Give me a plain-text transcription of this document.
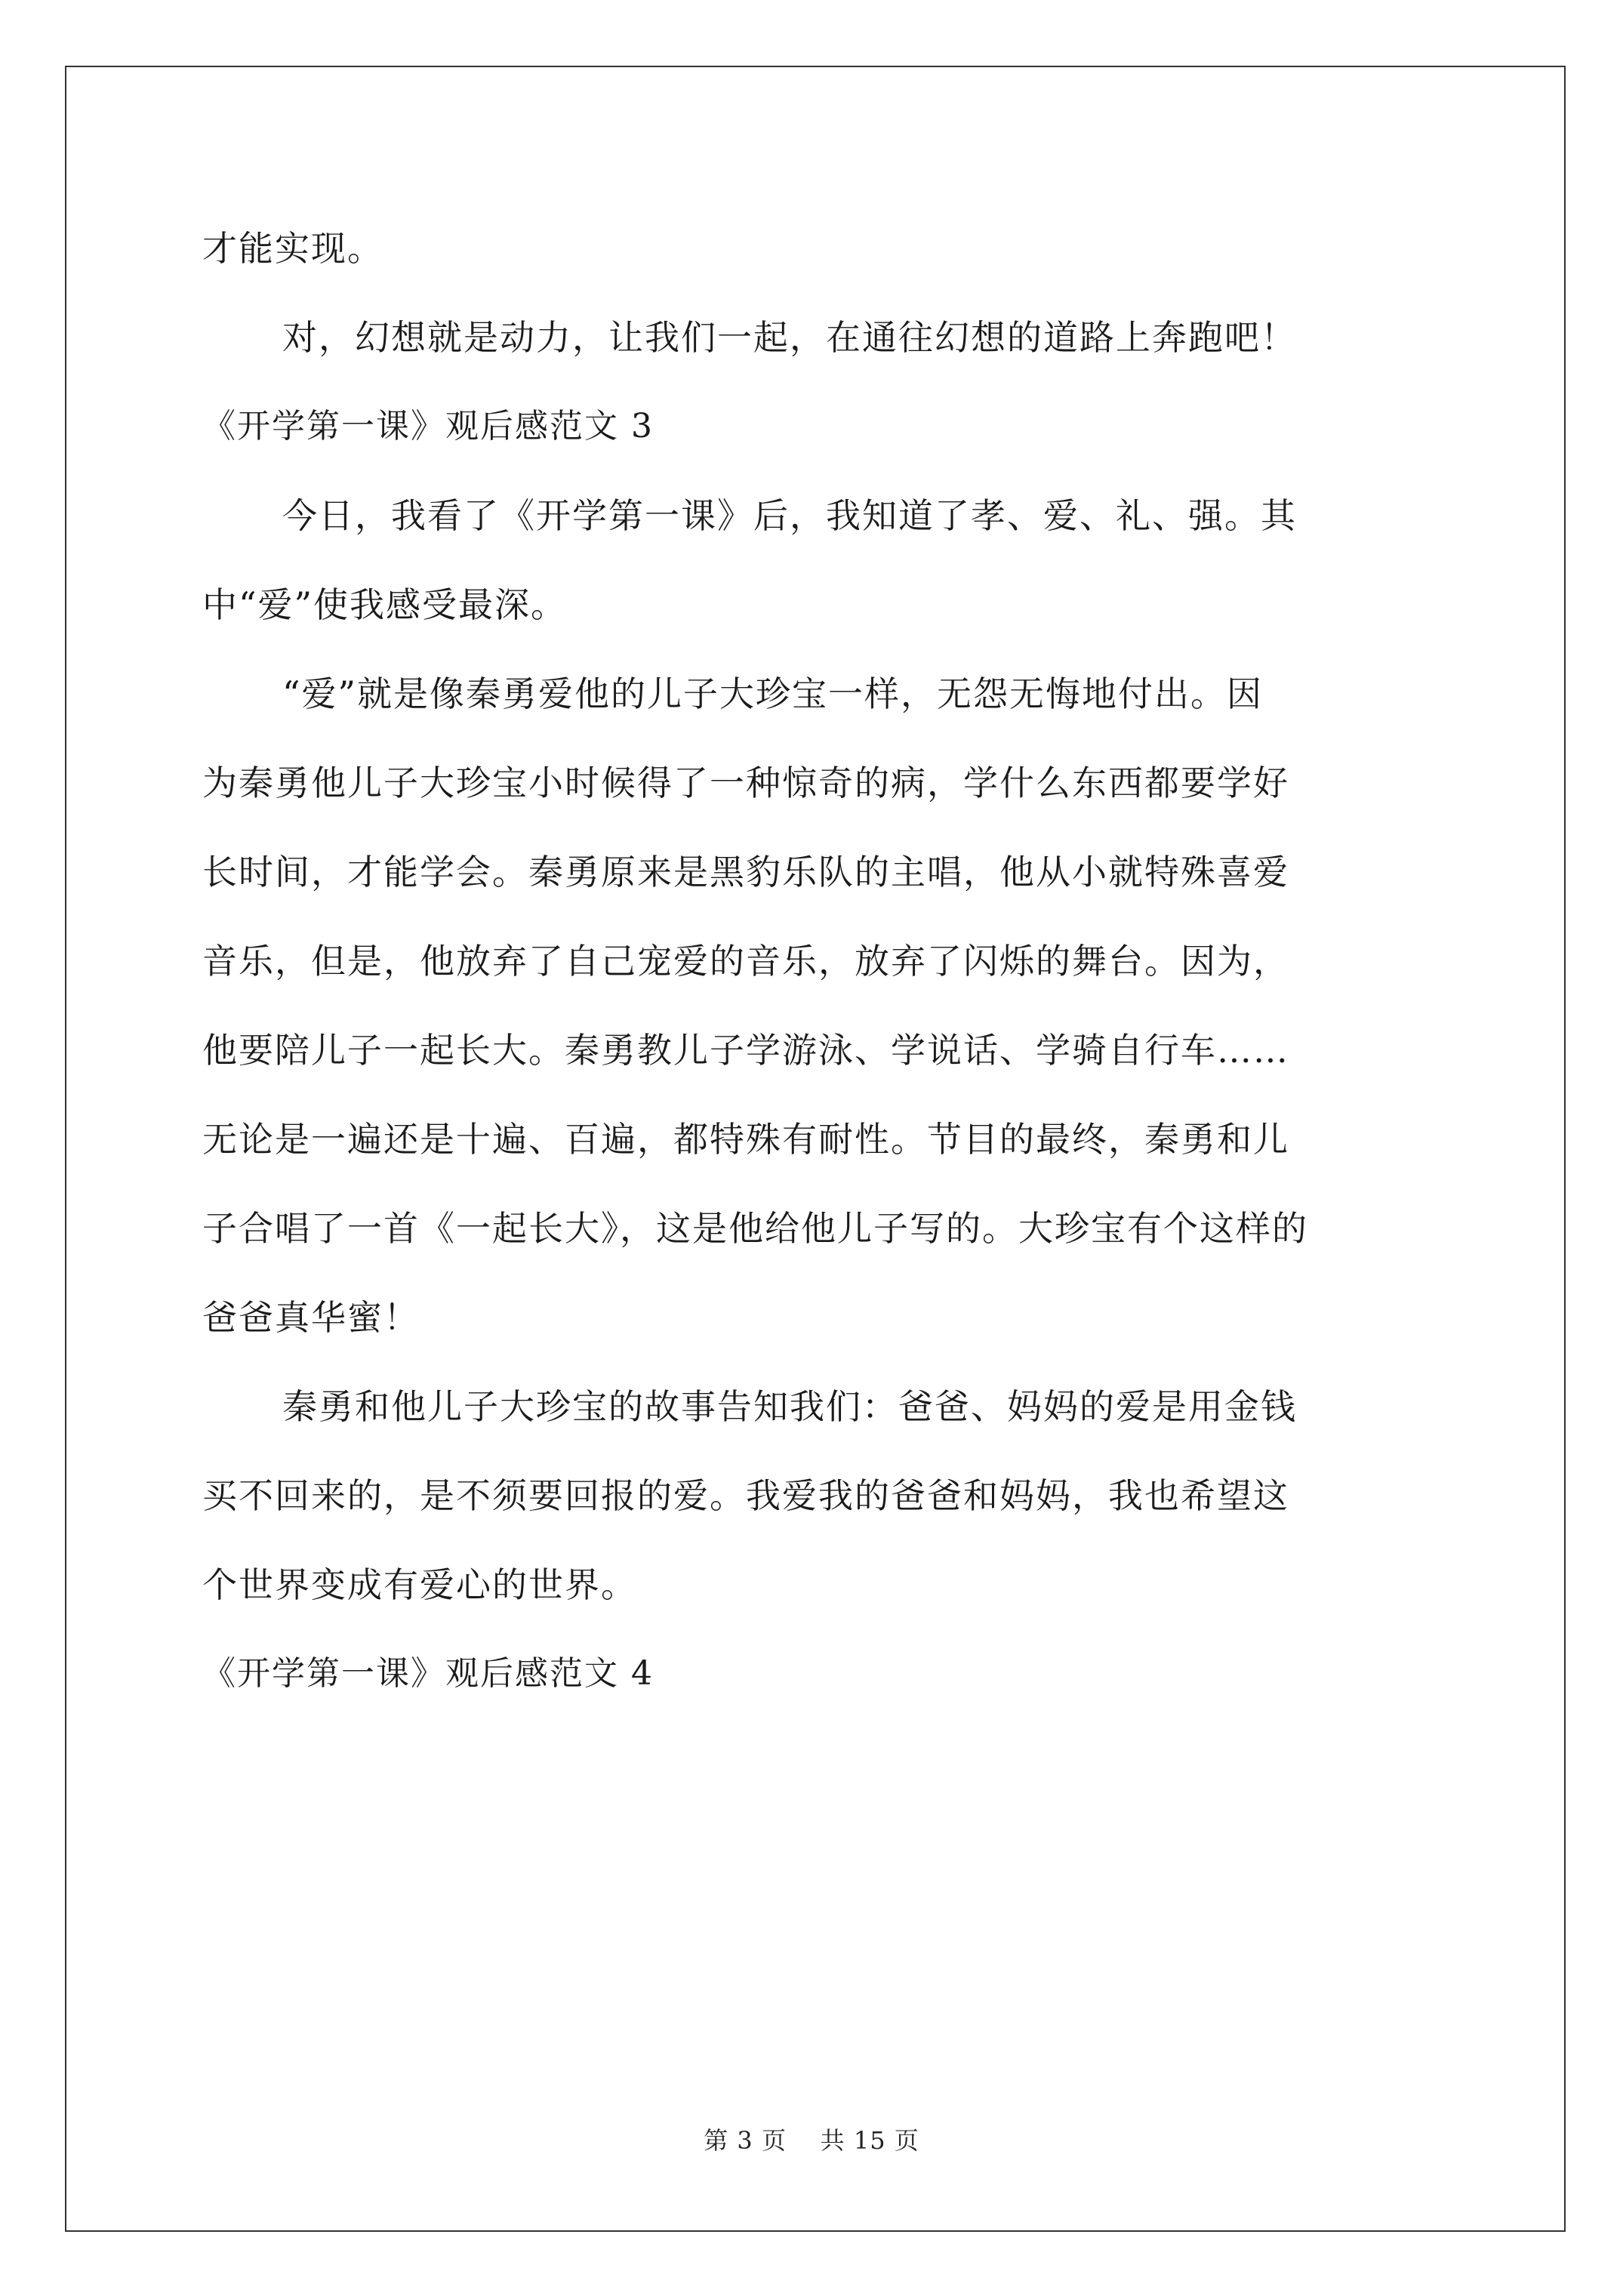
才能实现。
对，幻想就是动力，让我们一起，在通往幻想的道路上奔跑吧！
《开学第一课》观后感范文 3
今日，我看了《开学第一课》后，我知道了孝、爱、礼、强。其
中“爱”使我感受最深。
“爱”就是像秦勇爱他的儿子大珍宝一样，无怨无悔地付出。因
为秦勇他儿子大珍宝小时候得了一种惊奇的病，学什么东西都要学好
长时间，才能学会。秦勇原来是黑豹乐队的主唱，他从小就特殊喜爱
音乐，但是，他放弃了自己宠爱的音乐，放弃了闪烁的舞台。因为，
他要陪儿子一起长大。秦勇教儿子学游泳、学说话、学骑自行车……
无论是一遍还是十遍、百遍，都特殊有耐性。节目的最终，秦勇和儿
子合唱了一首《一起长大》，这是他给他儿子写的。大珍宝有个这样的
爸爸真华蜜！
秦勇和他儿子大珍宝的故事告知我们：爸爸、妈妈的爱是用金钱
买不回来的，是不须要回报的爱。我爱我的爸爸和妈妈，我也希望这
个世界变成有爱心的世界。
《开学第一课》观后感范文 4
第 3 页 共 15 页
